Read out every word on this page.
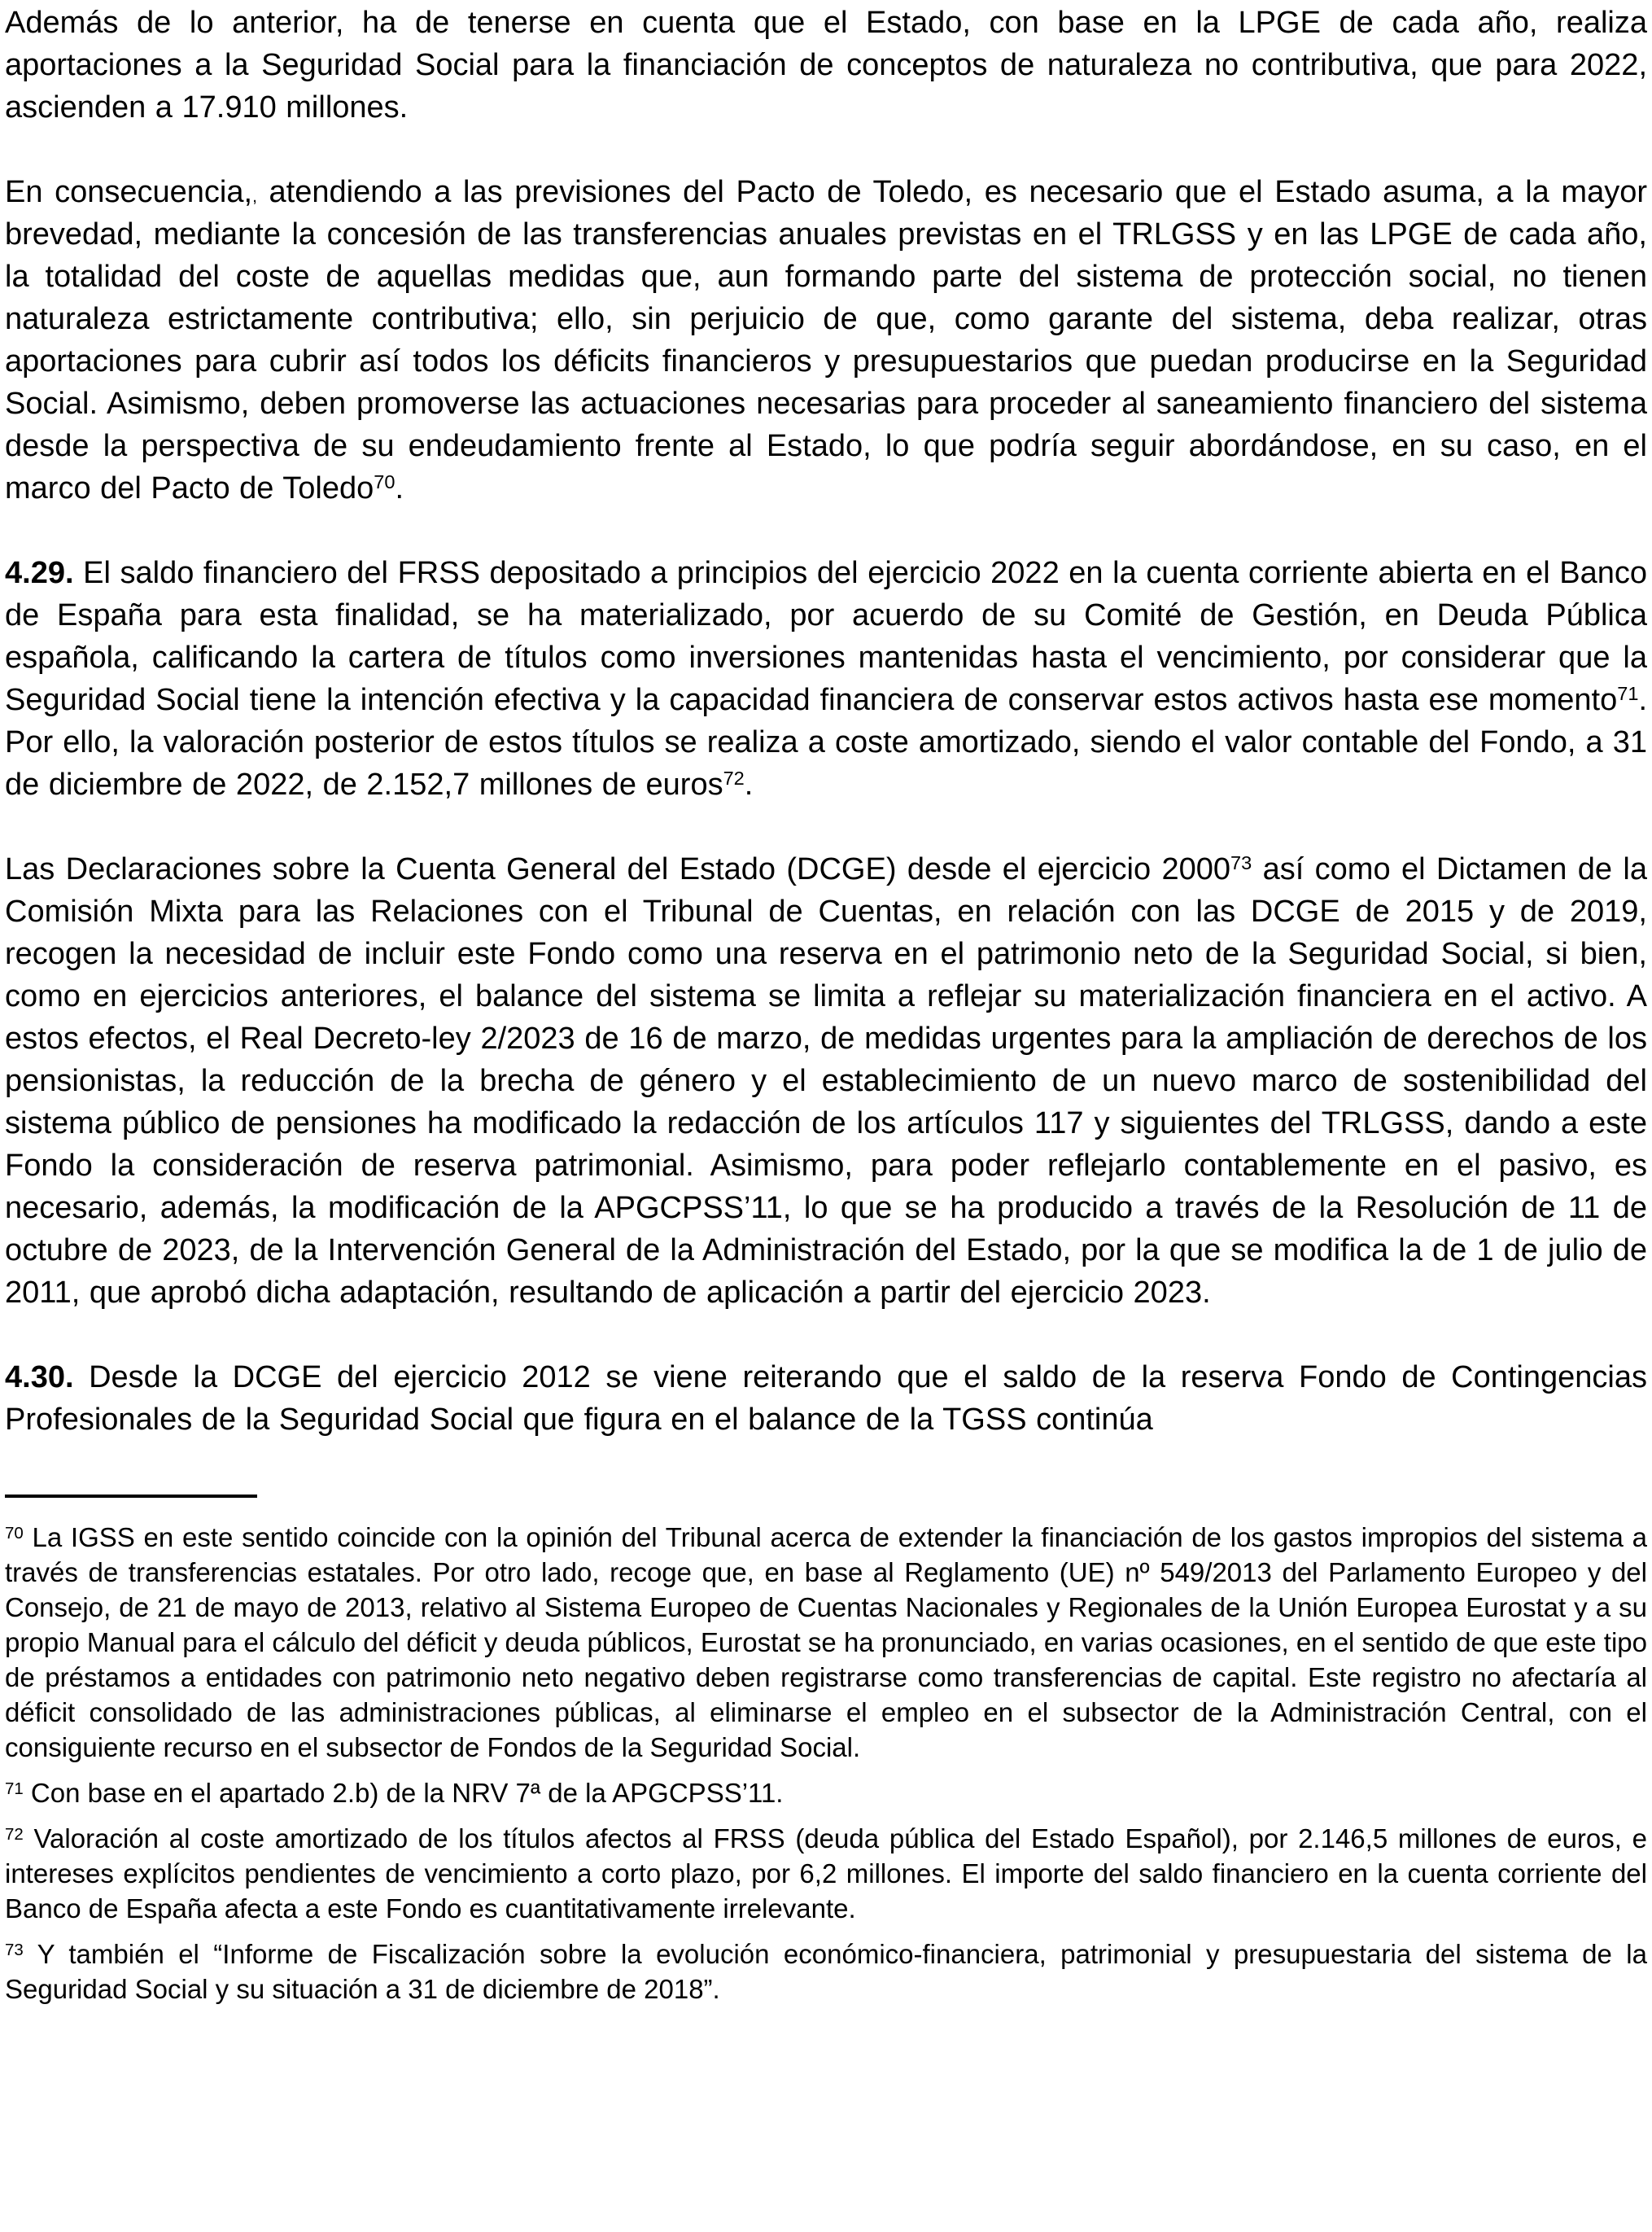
Además de lo anterior, ha de tenerse en cuenta que el Estado, con base en la LPGE de cada año, realiza aportaciones a la Seguridad Social para la financiación de conceptos de naturaleza no contributiva, que para 2022, ascienden a 17.910 millones.

En consecuencia,, atendiendo a las previsiones del Pacto de Toledo, es necesario que el Estado asuma, a la mayor brevedad, mediante la concesión de las transferencias anuales previstas en el TRLGSS y en las LPGE de cada año, la totalidad del coste de aquellas medidas que, aun formando parte del sistema de protección social, no tienen naturaleza estrictamente contributiva; ello, sin perjuicio de que, como garante del sistema, deba realizar, otras aportaciones para cubrir así todos los déficits financieros y presupuestarios que puedan producirse en la Seguridad Social. Asimismo, deben promoverse las actuaciones necesarias para proceder al saneamiento financiero del sistema desde la perspectiva de su endeudamiento frente al Estado, lo que podría seguir abordándose, en su caso, en el marco del Pacto de Toledo$^{70}$.

4.29. El saldo financiero del FRSS depositado a principios del ejercicio 2022 en la cuenta corriente abierta en el Banco de España para esta finalidad, se ha materializado, por acuerdo de su Comité de Gestión, en Deuda Pública española, calificando la cartera de títulos como inversiones mantenidas hasta el vencimiento, por considerar que la Seguridad Social tiene la intención efectiva y la capacidad financiera de conservar estos activos hasta ese momento$^{71}$. Por ello, la valoración posterior de estos títulos se realiza a coste amortizado, siendo el valor contable del Fondo, a 31 de diciembre de 2022, de 2.152,7 millones de euros$^{72}$.

Las Declaraciones sobre la Cuenta General del Estado (DCGE) desde el ejercicio 2000$^{73}$ así como el Dictamen de la Comisión Mixta para las Relaciones con el Tribunal de Cuentas, en relación con las DCGE de 2015 y de 2019, recogen la necesidad de incluir este Fondo como una reserva en el patrimonio neto de la Seguridad Social, si bien, como en ejercicios anteriores, el balance del sistema se limita a reflejar su materialización financiera en el activo. A estos efectos, el Real Decreto-ley 2/2023 de 16 de marzo, de medidas urgentes para la ampliación de derechos de los pensionistas, la reducción de la brecha de género y el establecimiento de un nuevo marco de sostenibilidad del sistema público de pensiones ha modificado la redacción de los artículos 117 y siguientes del TRLGSS, dando a este Fondo la consideración de reserva patrimonial. Asimismo, para poder reflejarlo contablemente en el pasivo, es necesario, además, la modificación de la APGCPSS’11, lo que se ha producido a través de la Resolución de 11 de octubre de 2023, de la Intervención General de la Administración del Estado, por la que se modifica la de 1 de julio de 2011, que aprobó dicha adaptación, resultando de aplicación a partir del ejercicio 2023.

4.30. Desde la DCGE del ejercicio 2012 se viene reiterando que el saldo de la reserva Fondo de Contingencias Profesionales de la Seguridad Social que figura en el balance de la TGSS continúa

$^{70}$ La IGSS en este sentido coincide con la opinión del Tribunal acerca de extender la financiación de los gastos impropios del sistema a través de transferencias estatales. Por otro lado, recoge que, en base al Reglamento (UE) nº 549/2013 del Parlamento Europeo y del Consejo, de 21 de mayo de 2013, relativo al Sistema Europeo de Cuentas Nacionales y Regionales de la Unión Europea Eurostat y a su propio Manual para el cálculo del déficit y deuda públicos, Eurostat se ha pronunciado, en varias ocasiones, en el sentido de que este tipo de préstamos a entidades con patrimonio neto negativo deben registrarse como transferencias de capital. Este registro no afectaría al déficit consolidado de las administraciones públicas, al eliminarse el empleo en el subsector de la Administración Central, con el consiguiente recurso en el subsector de Fondos de la Seguridad Social.

$^{71}$ Con base en el apartado 2.b) de la NRV 7ª de la APGCPSS’11.

$^{72}$ Valoración al coste amortizado de los títulos afectos al FRSS (deuda pública del Estado Español), por 2.146,5 millones de euros, e intereses explícitos pendientes de vencimiento a corto plazo, por 6,2 millones. El importe del saldo financiero en la cuenta corriente del Banco de España afecta a este Fondo es cuantitativamente irrelevante.

$^{73}$ Y también el “Informe de Fiscalización sobre la evolución económico-financiera, patrimonial y presupuestaria del sistema de la Seguridad Social y su situación a 31 de diciembre de 2018”.
